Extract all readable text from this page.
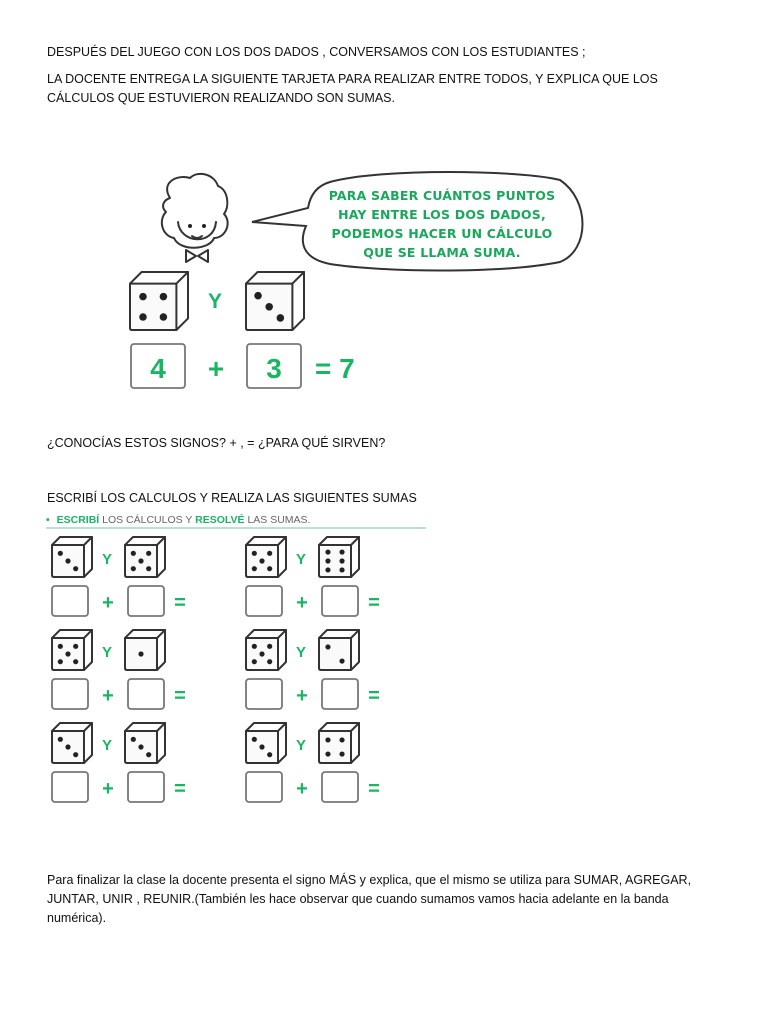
DESPUÉS DEL JUEGO CON LOS DOS DADOS , CONVERSAMOS CON LOS ESTUDIANTES ;

LA DOCENTE ENTREGA LA SIGUIENTE TARJETA PARA REALIZAR ENTRE TODOS, Y EXPLICA QUE LOS CÁLCULOS QUE ESTUVIERON REALIZANDO SON SUMAS.

PARA SABER CUÁNTOS PUNTOS
HAY ENTRE LOS DOS DADOS,
PODEMOS HACER UN CÁLCULO
QUE SE LLAMA SUMA.
Y
4 + 3 = 7

¿CONOCÍAS ESTOS SIGNOS? + , = ¿PARA QUÉ SIRVEN?

ESCRIBÍ LOS CALCULOS Y REALIZA LAS SIGUIENTES SUMAS

• ESCRIBÍ LOS CÁLCULOS Y RESOLVÉ LAS SUMAS.
Y
+	=
Y
+	=
Y
+	=
Y
+	=
Y
+	=
Y
+	=

Para finalizar la clase la docente presenta el signo MÁS y explica, que el mismo se utiliza para SUMAR, AGREGAR, JUNTAR, UNIR , REUNIR.(También les hace observar que cuando sumamos vamos hacia adelante en la banda numérica).
